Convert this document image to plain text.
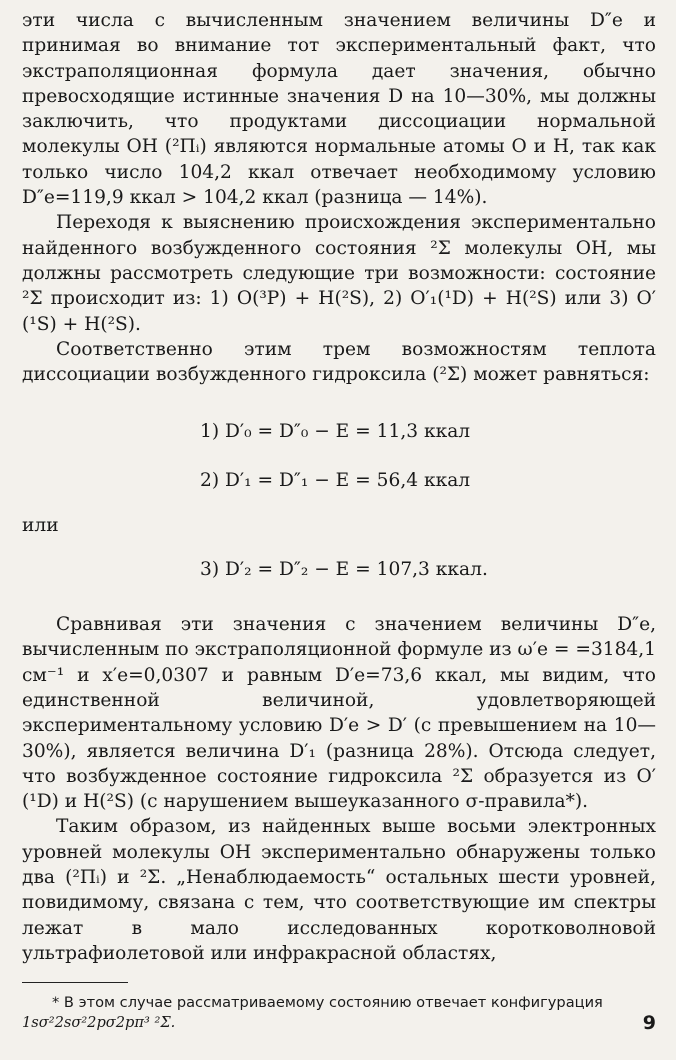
эти числа с вычисленным значением величины D″e и принимая во внимание тот экспериментальный факт, что экстраполяционная формула дает значения, обычно превосходящие истинные значения D на 10—30%, мы должны заключить, что продуктами диссоциации нормальной молекулы OH (²Πᵢ) являются нормальные атомы O и H, так как только число 104,2 ккал отвечает необходимому условию D″e=119,9 ккал > 104,2 ккал (разница — 14%).

Переходя к выяснению происхождения экспериментально найденного возбужденного состояния ²Σ молекулы OH, мы должны рассмотреть следующие три возможности: состояние ²Σ происходит из: 1) O(³P) + H(²S), 2) O′₁(¹D) + H(²S) или 3) O′(¹S) + H(²S).

Соответственно этим трем возможностям теплота диссоциации возбужденного гидроксила (²Σ) может равняться:

1) D′₀ = D″₀ − E = 11,3 ккал

2) D′₁ = D″₁ − E = 56,4 ккал

или

3) D′₂ = D″₂ − E = 107,3 ккал.

Сравнивая эти значения с значением величины D″e, вычисленным по экстраполяционной формуле из ω′e = =3184,1 см⁻¹ и x′e=0,0307 и равным D′e=73,6 ккал, мы видим, что единственной величиной, удовлетворяющей экспериментальному условию D′e > D′ (с превышением на 10—30%), является величина D′₁ (разница 28%). Отсюда следует, что возбужденное состояние гидроксила ²Σ образуется из O′(¹D) и H(²S) (с нарушением вышеуказанного σ-правила*).

Таким образом, из найденных выше восьми электронных уровней молекулы OH экспериментально обнаружены только два (²Πᵢ) и ²Σ. „Ненаблюдаемость“ остальных шести уровней, повидимому, связана с тем, что соответствующие им спектры лежат в мало исследованных коротковолновой ультрафиолетовой или инфракрасной областях,

* В этом случае рассматриваемому состоянию отвечает конфигурация

1sσ²2sσ²2pσ2pπ³ ²Σ.	9
